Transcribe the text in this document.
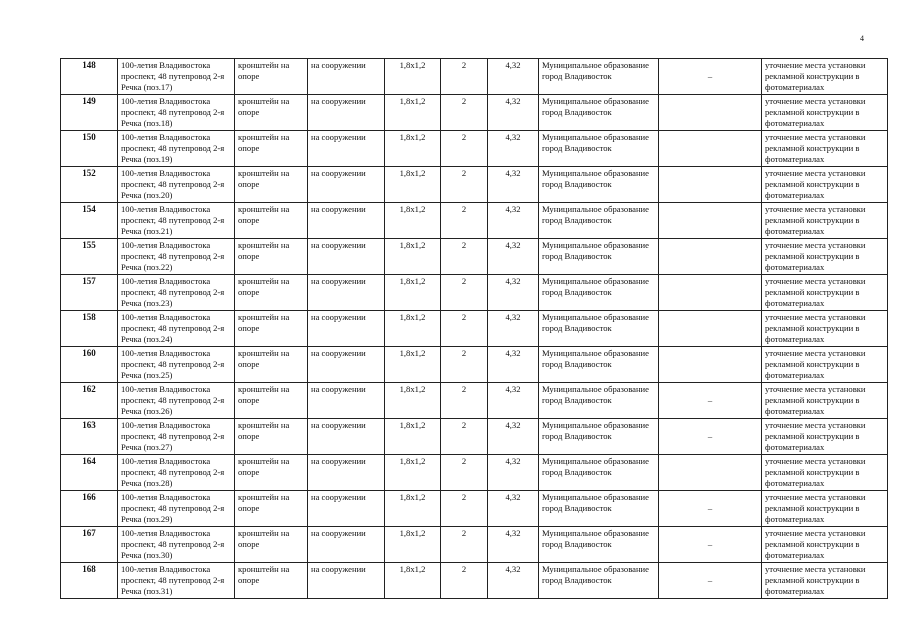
4
148	100-летия Владивостока проспект, 48 путепровод 2-я Речка (поз.17)	кронштейн на опоре	на сооружении	1,8x1,2	2	4,32	Муниципальное образование город Владивосток	–	уточнение места установки рекламной конструкции в фотоматериалах
149	100-летия Владивостока проспект, 48 путепровод 2-я Речка (поз.18)	кронштейн на опоре	на сооружении	1,8x1,2	2	4,32	Муниципальное образование город Владивосток		уточнение места установки рекламной конструкции в фотоматериалах
150	100-летия Владивостока проспект, 48 путепровод 2-я Речка (поз.19)	кронштейн на опоре	на сооружении	1,8x1,2	2	4,32	Муниципальное образование город Владивосток		уточнение места установки рекламной конструкции в фотоматериалах
152	100-летия Владивостока проспект, 48 путепровод 2-я Речка (поз.20)	кронштейн на опоре	на сооружении	1,8x1,2	2	4,32	Муниципальное образование город Владивосток		уточнение места установки рекламной конструкции в фотоматериалах
154	100-летия Владивостока проспект, 48 путепровод 2-я Речка (поз.21)	кронштейн на опоре	на сооружении	1,8x1,2	2	4,32	Муниципальное образование город Владивосток		уточнение места установки рекламной конструкции в фотоматериалах
155	100-летия Владивостока проспект, 48 путепровод 2-я Речка (поз.22)	кронштейн на опоре	на сооружении	1,8x1,2	2	4,32	Муниципальное образование город Владивосток		уточнение места установки рекламной конструкции в фотоматериалах
157	100-летия Владивостока проспект, 48 путепровод 2-я Речка (поз.23)	кронштейн на опоре	на сооружении	1,8x1,2	2	4,32	Муниципальное образование город Владивосток		уточнение места установки рекламной конструкции в фотоматериалах
158	100-летия Владивостока проспект, 48 путепровод 2-я Речка (поз.24)	кронштейн на опоре	на сооружении	1,8x1,2	2	4,32	Муниципальное образование город Владивосток		уточнение места установки рекламной конструкции в фотоматериалах
160	100-летия Владивостока проспект, 48 путепровод 2-я Речка (поз.25)	кронштейн на опоре	на сооружении	1,8x1,2	2	4,32	Муниципальное образование город Владивосток		уточнение места установки рекламной конструкции в фотоматериалах
162	100-летия Владивостока проспект, 48 путепровод 2-я Речка (поз.26)	кронштейн на опоре	на сооружении	1,8x1,2	2	4,32	Муниципальное образование город Владивосток	–	уточнение места установки рекламной конструкции в фотоматериалах
163	100-летия Владивостока проспект, 48 путепровод 2-я Речка (поз.27)	кронштейн на опоре	на сооружении	1,8x1,2	2	4,32	Муниципальное образование город Владивосток	–	уточнение места установки рекламной конструкции в фотоматериалах
164	100-летия Владивостока проспект, 48 путепровод 2-я Речка (поз.28)	кронштейн на опоре	на сооружении	1,8x1,2	2	4,32	Муниципальное образование город Владивосток		уточнение места установки рекламной конструкции в фотоматериалах
166	100-летия Владивостока проспект, 48 путепровод 2-я Речка (поз.29)	кронштейн на опоре	на сооружении	1,8x1,2	2	4,32	Муниципальное образование город Владивосток	–	уточнение места установки рекламной конструкции в фотоматериалах
167	100-летия Владивостока проспект, 48 путепровод 2-я Речка (поз.30)	кронштейн на опоре	на сооружении	1,8x1,2	2	4,32	Муниципальное образование город Владивосток	–	уточнение места установки рекламной конструкции в фотоматериалах
168	100-летия Владивостока проспект, 48 путепровод 2-я Речка (поз.31)	кронштейн на опоре	на сооружении	1,8x1,2	2	4,32	Муниципальное образование город Владивосток	–	уточнение места установки рекламной конструкции в фотоматериалах
